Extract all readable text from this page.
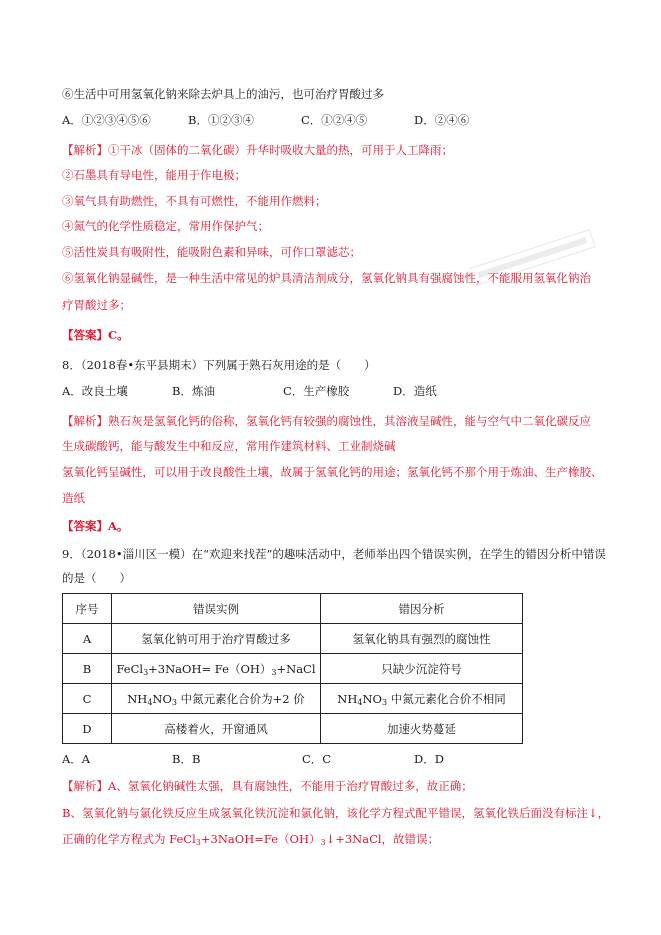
⑥生活中可用氢氧化钠来除去炉具上的油污，也可治疗胃酸过多
A．①②③④⑤⑥	B．①②③④	C．①②④⑤	D．②④⑥
【解析】①干冰（固体的二氧化碳）升华时吸收大量的热，可用于人工降雨；
②石墨具有导电性，能用于作电极；
③氧气具有助燃性，不具有可燃性，不能用作燃料；
④氮气的化学性质稳定，常用作保护气；
⑤活性炭具有吸附性，能吸附色素和异味，可作口罩滤芯；
⑥氢氧化钠显碱性，是一种生活中常见的炉具清洁剂成分，氢氧化钠具有强腐蚀性，不能服用氢氧化钠治
疗胃酸过多；
【答案】C。
8．（2018春•东平县期末）下列属于熟石灰用途的是（　　）
A．改良土壤	B．炼油	C．生产橡胶	D．造纸
【解析】熟石灰是氢氧化钙的俗称，氢氧化钙有较强的腐蚀性，其溶液呈碱性，能与空气中二氧化碳反应
生成碳酸钙，能与酸发生中和反应，常用作建筑材料、工业制烧碱
氢氧化钙呈碱性，可以用于改良酸性土壤，故属于氢氧化钙的用途；氢氧化钙不那个用于炼油、生产橡胶、
造纸
【答案】A。
9．（2018•淄川区一模）在“欢迎来找茬”的趣味活动中，老师举出四个错误实例，在学生的错因分析中错误
的是（　　）
序号	错误实例	错因分析
A	氢氧化钠可用于治疗胃酸过多	氢氧化钠具有强烈的腐蚀性
B	FeCl$_3$+3NaOH= $Fe(OH)_3+NaCl$	只缺少沉淀符号
C	$NH_4NO_3$ 中氮元素化合价为+2 价	$NH_4NO_3$ 中氮元素化合价不相同
D	高楼着火，开窗通风	加速火势蔓延
A．A	B．B	C．C	D．D
【解析】A、氢氧化钠碱性太强，具有腐蚀性，不能用于治疗胃酸过多，故正确；
B、氢氧化钠与氯化铁反应生成氢氧化铁沉淀和氯化钠，该化学方程式配平错误，氢氧化铁后面没有标注↓，
正确的化学方程式为 $FeCl_3+3NaOH=Fe(OH)_3↓+3NaCl$，故错误；
